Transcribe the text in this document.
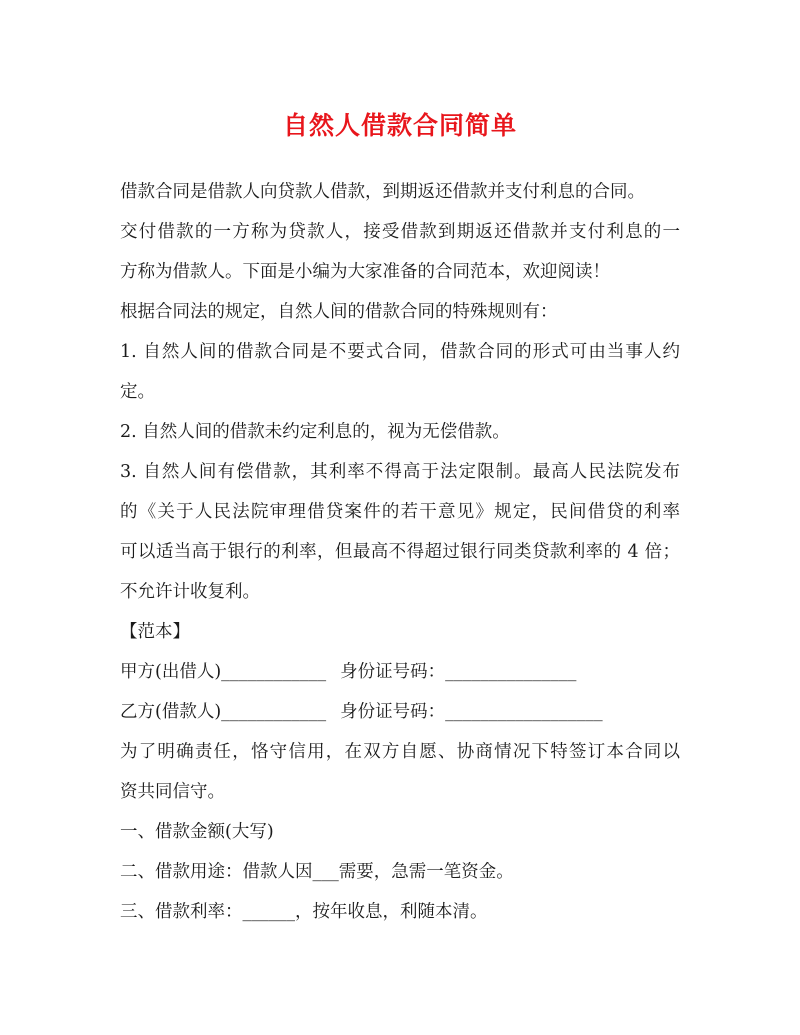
自然人借款合同简单

借款合同是借款人向贷款人借款，到期返还借款并支付利息的合同。

交付借款的一方称为贷款人，接受借款到期返还借款并支付利息的一

方称为借款人。下面是小编为大家准备的合同范本，欢迎阅读！

根据合同法的规定，自然人间的借款合同的特殊规则有：

1. 自然人间的借款合同是不要式合同，借款合同的形式可由当事人约

定。

2. 自然人间的借款未约定利息的，视为无偿借款。

3. 自然人间有偿借款，其利率不得高于法定限制。最高人民法院发布

的《关于人民法院审理借贷案件的若干意见》规定，民间借贷的利率

可以适当高于银行的利率，但最高不得超过银行同类贷款利率的 4 倍；

不允许计收复利。

【范本】

甲方(出借人)____________ 身份证号码：_______________

乙方(借款人)____________ 身份证号码：__________________

为了明确责任，恪守信用，在双方自愿、协商情况下特签订本合同以

资共同信守。

一、借款金额(大写)

二、借款用途：借款人因___需要，急需一笔资金。

三、借款利率：______，按年收息，利随本清。
